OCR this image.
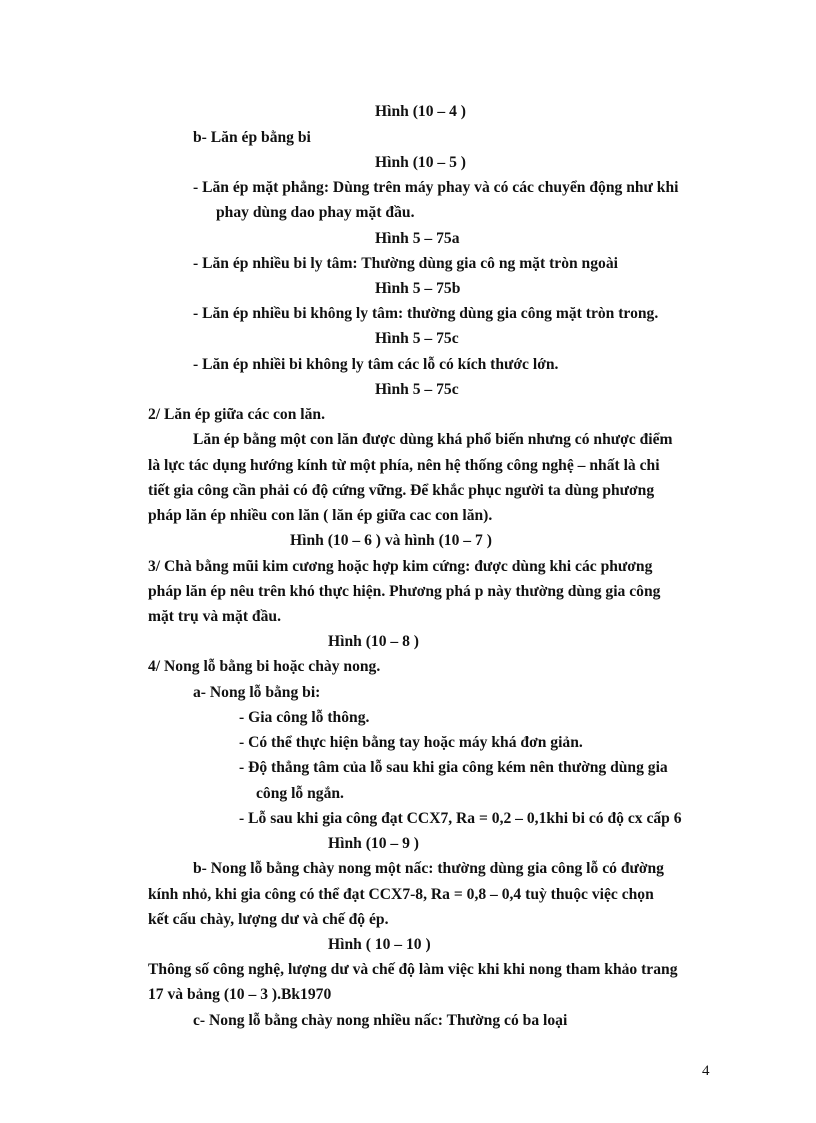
Hình (10 – 4 )
b- Lăn ép bằng bi
Hình (10 – 5 )
- Lăn ép mặt phẳng: Dùng trên máy phay và có các chuyển động như khi
phay dùng dao phay mặt đầu.
Hình 5 – 75a
- Lăn ép nhiều bi ly tâm: Thường dùng gia cô ng mặt tròn ngoài
Hình 5 – 75b
- Lăn ép nhiều bi không ly tâm: thường dùng gia công mặt tròn trong.
Hình 5 – 75c
- Lăn ép nhiềi bi không ly tâm các lỗ có kích thước lớn.
Hình 5 – 75c
2/ Lăn ép giữa các con lăn.
Lăn ép bằng một con lăn được dùng khá phổ biến nhưng có nhược điểm
là lực tác dụng hướng kính từ một phía, nên hệ thống công nghệ – nhất là chi
tiết gia công cần phải có độ cứng vững. Để khắc phục người ta dùng phương
pháp lăn ép nhiều con lăn ( lăn ép giữa cac con lăn).
Hình (10 – 6 ) và hình (10 – 7 )
3/ Chà bằng mũi kim cương hoặc hợp kim cứng: được dùng khi các phương
pháp lăn ép nêu trên khó thực hiện. Phương phá p này thường dùng gia công
mặt trụ và mặt đầu.
Hình (10 – 8 )
4/ Nong lỗ bằng bi hoặc chày nong.
a- Nong lỗ bằng bi:
- Gia công lỗ thông.
- Có thể thực hiện bằng tay hoặc máy khá đơn giản.
- Độ thẳng tâm của lỗ sau khi gia công kém nên thường dùng gia
công lỗ ngắn.
- Lỗ sau khi gia công đạt CCX7, Ra = 0,2 – 0,1khi bi có độ cx cấp 6
Hình (10 – 9 )
b- Nong lỗ bằng chày nong một nấc: thường dùng gia công lỗ có đường
kính nhỏ, khi gia công có thể đạt CCX7-8, Ra = 0,8 – 0,4 tuỳ thuộc việc chọn
kết cấu chày, lượng dư và chế độ ép.
Hình ( 10 – 10 )
Thông số công nghệ, lượng dư và chế độ làm việc khi khi nong tham khảo trang
17 và bảng (10 – 3 ).Bk1970
c- Nong lỗ bằng chày nong nhiều nấc: Thường có ba loại
4
